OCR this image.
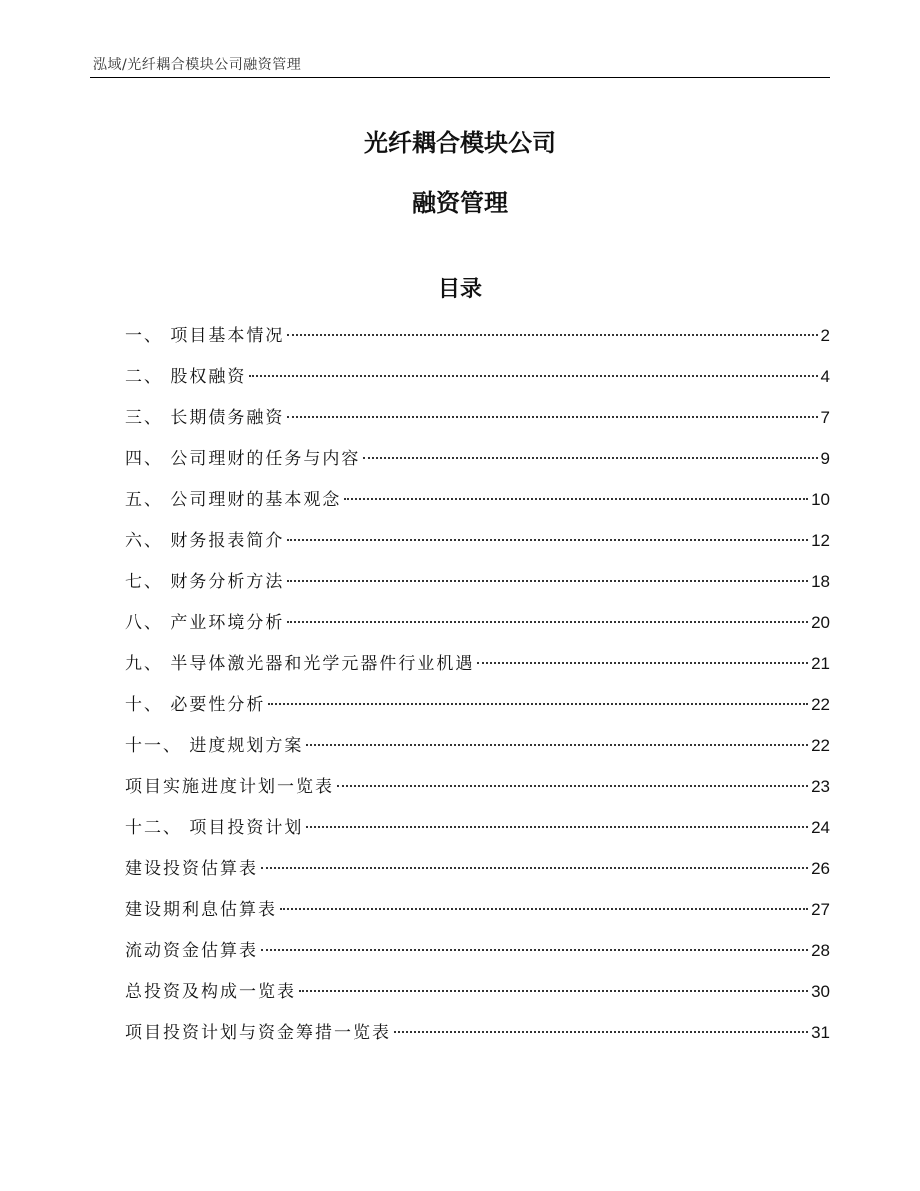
泓域/光纤耦合模块公司融资管理
光纤耦合模块公司
融资管理
目录
一、 项目基本情况	2
二、 股权融资	4
三、 长期债务融资	7
四、 公司理财的任务与内容	9
五、 公司理财的基本观念	10
六、 财务报表简介	12
七、 财务分析方法	18
八、 产业环境分析	20
九、 半导体激光器和光学元器件行业机遇	21
十、 必要性分析	22
十一、 进度规划方案	22
项目实施进度计划一览表	23
十二、 项目投资计划	24
建设投资估算表	26
建设期利息估算表	27
流动资金估算表	28
总投资及构成一览表	30
项目投资计划与资金筹措一览表	31
